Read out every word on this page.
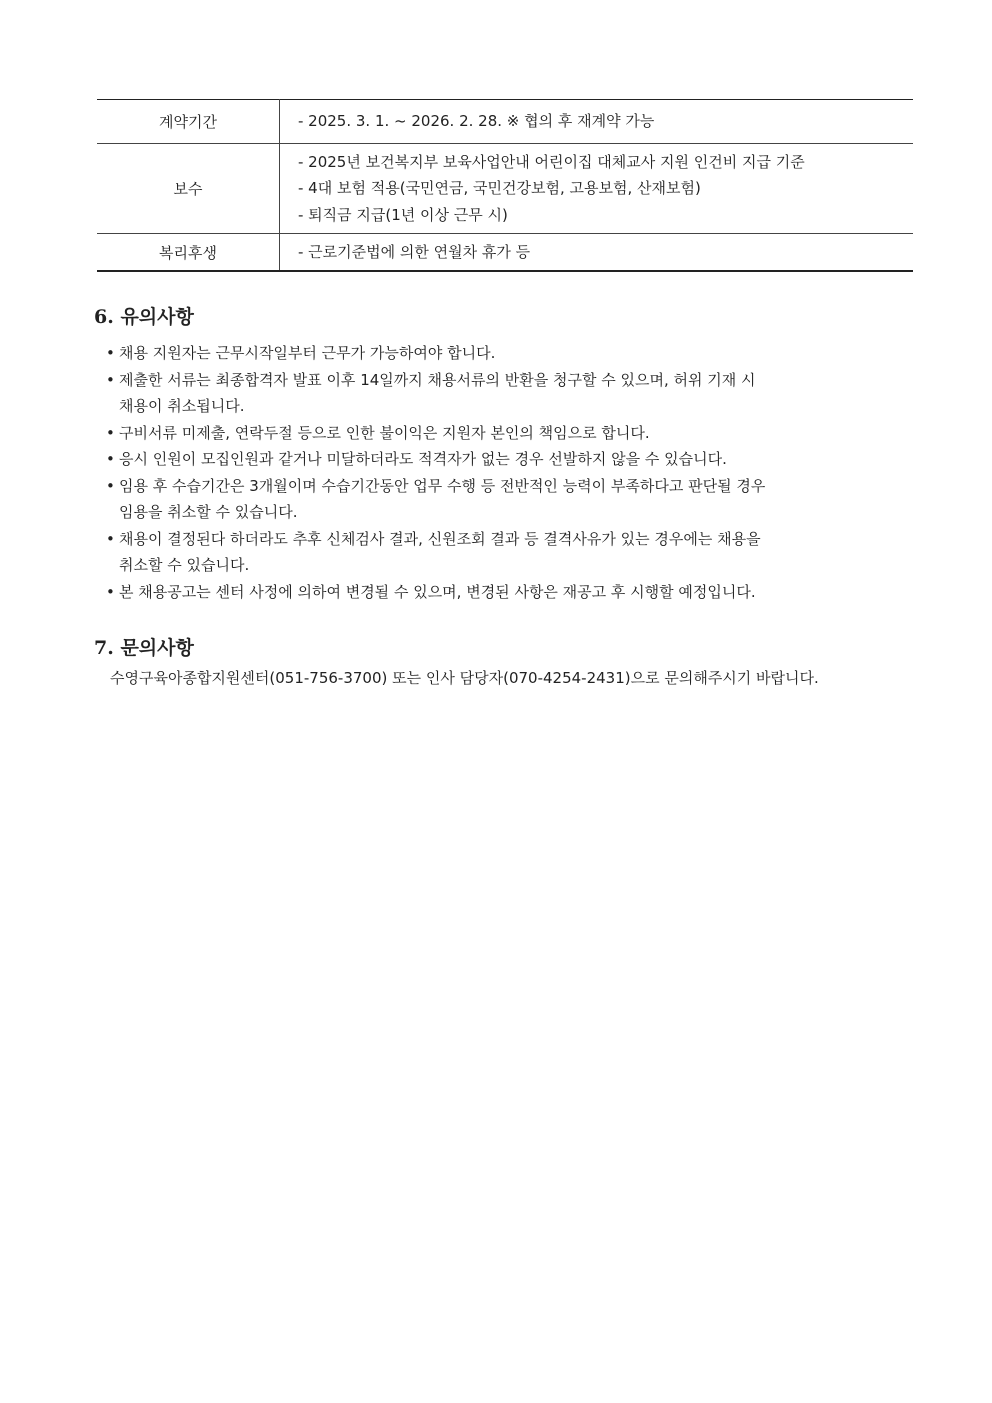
계약기간	- 2025. 3. 1. ~ 2026. 2. 28. ※ 협의 후 재계약 가능

보수	- 2025년 보건복지부 보육사업안내 어린이집 대체교사 지원 인건비 지급 기준
- 4대 보험 적용(국민연금, 국민건강보험, 고용보험, 산재보험)
- 퇴직금 지급(1년 이상 근무 시)

복리후생	- 근로기준법에 의한 연월차 휴가 등
6. 유의사항
• 채용 지원자는 근무시작일부터 근무가 가능하여야 합니다.
• 제출한 서류는 최종합격자 발표 이후 14일까지 채용서류의 반환을 청구할 수 있으며, 허위 기재 시
채용이 취소됩니다.
• 구비서류 미제출, 연락두절 등으로 인한 불이익은 지원자 본인의 책임으로 합니다.
• 응시 인원이 모집인원과 같거나 미달하더라도 적격자가 없는 경우 선발하지 않을 수 있습니다.
• 임용 후 수습기간은 3개월이며 수습기간동안 업무 수행 등 전반적인 능력이 부족하다고 판단될 경우
임용을 취소할 수 있습니다.
• 채용이 결정된다 하더라도 추후 신체검사 결과, 신원조회 결과 등 결격사유가 있는 경우에는 채용을
취소할 수 있습니다.
• 본 채용공고는 센터 사정에 의하여 변경될 수 있으며, 변경된 사항은 재공고 후 시행할 예정입니다.
7. 문의사항
수영구육아종합지원센터(051-756-3700) 또는 인사 담당자(070-4254-2431)으로 문의해주시기 바랍니다.
